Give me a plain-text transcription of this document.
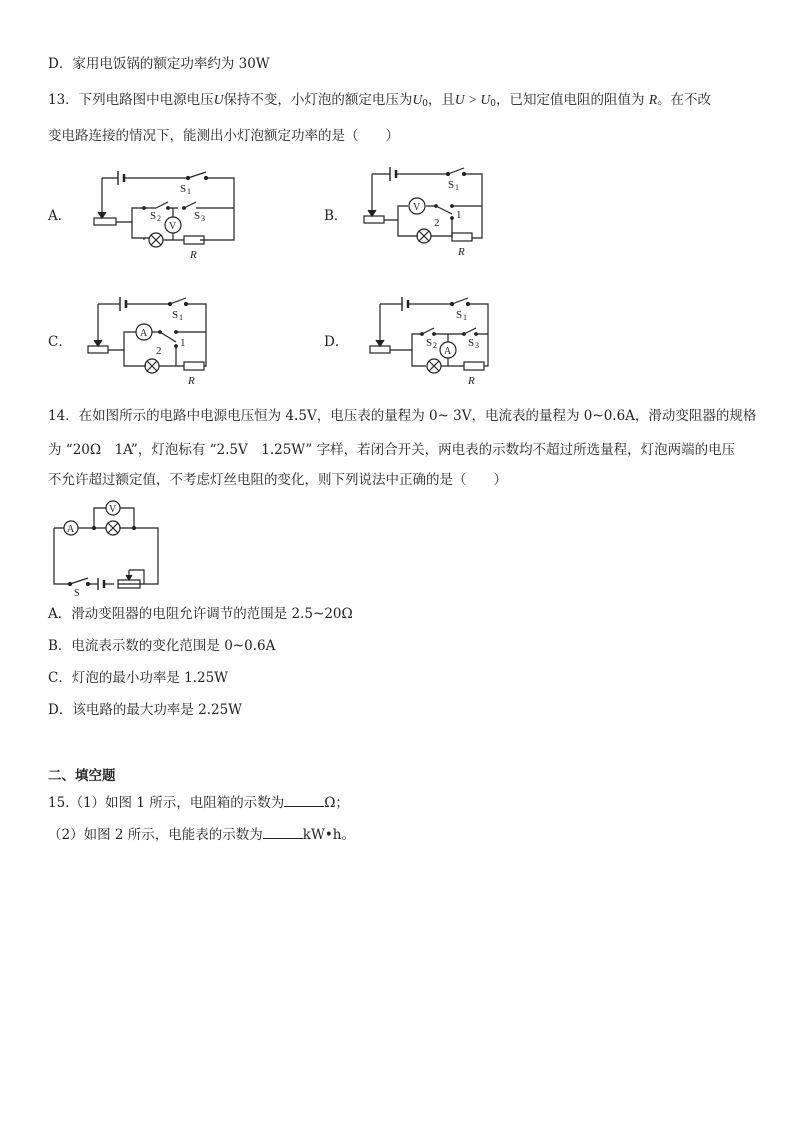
D．家用电饭锅的额定功率约为 30W
13．下列电路图中电源电压U保持不变，小灯泡的额定电压为$U_0$，且$U > U_0$，已知定值电阻的阻值为 R。在不改
变电路连接的情况下，能测出小灯泡额定功率的是（　　）
A．	B．
C．	D．
S 1
S 2	S 3
V
R
S 1
V
1
2
R
S 1
A
1
2
R
S 1
S 2	S 3
A
R
14．在如图所示的电路中电源电压恒为 4.5V，电压表的量程为 0~ 3V，电流表的量程为 0~0.6A，滑动变阻器的规格
为 “20Ω　1A”，灯泡标有 “2.5V　1.25W” 字样，若闭合开关，两电表的示数均不超过所选量程，灯泡两端的电压
不允许超过额定值，不考虑灯丝电阻的变化，则下列说法中正确的是（　　）
A
V
S
A．滑动变阻器的电阻允许调节的范围是 2.5~20Ω
B．电流表示数的变化范围是 0~0.6A
C．灯泡的最小功率是 1.25W
D．该电路的最大功率是 2.25W
二、填空题
15.（1）如图 1 所示，电阻箱的示数为	Ω；
（2）如图 2 所示，电能表的示数为	kW•h。
